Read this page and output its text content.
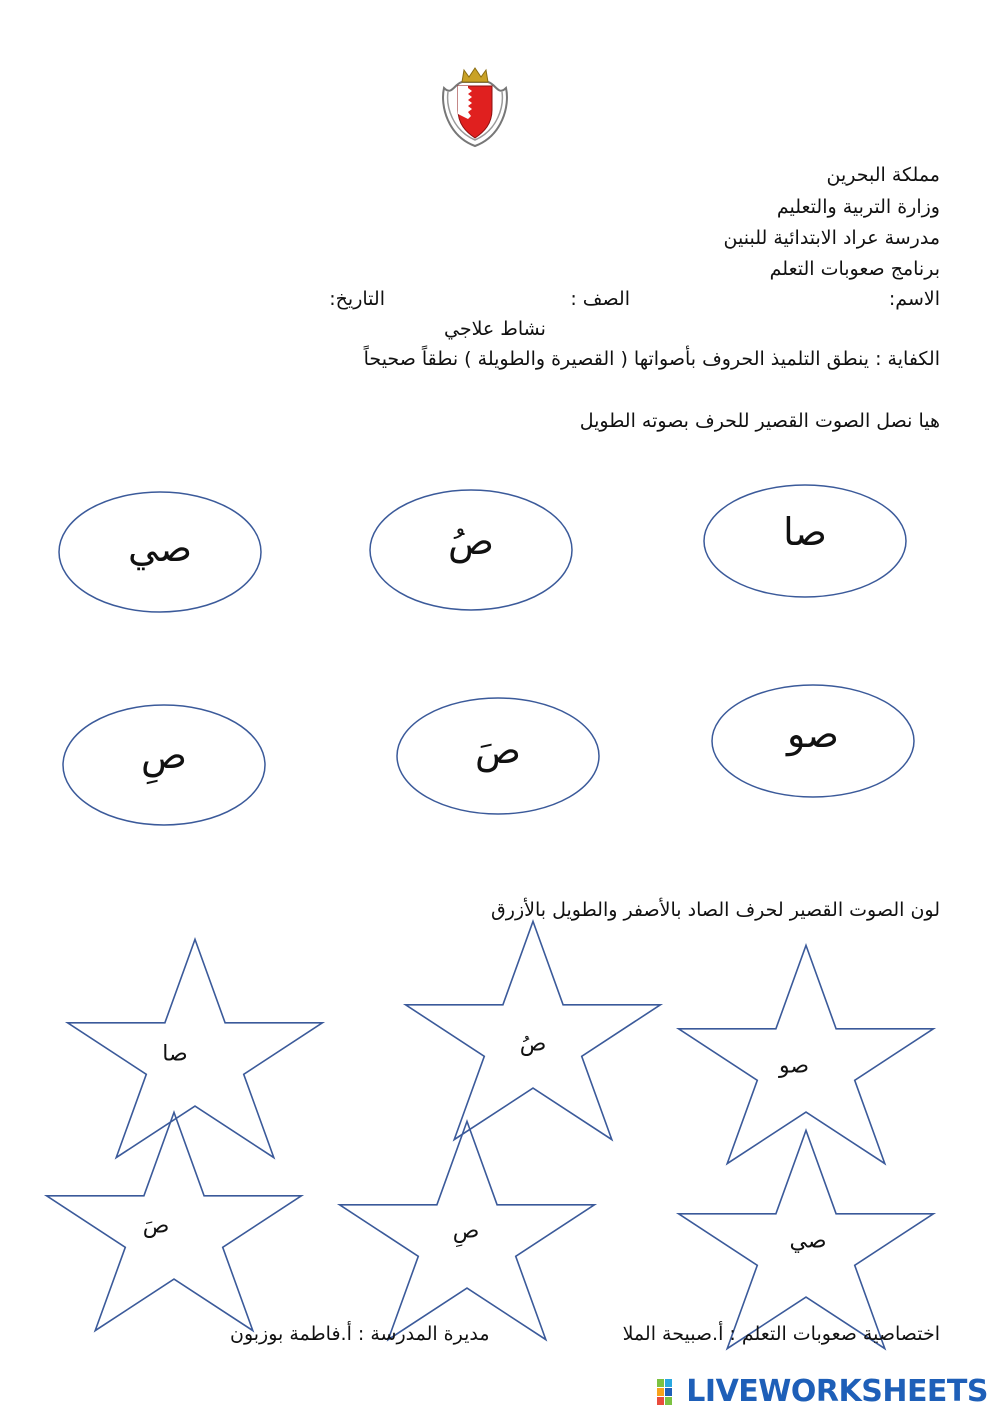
مملكة البحرين
وزارة التربية والتعليم
مدرسة عراد الابتدائية للبنين
برنامج صعوبات التعلم
الاسم:
الصف :
التاريخ:
نشاط علاجي
الكفاية : ينطق التلميذ الحروف بأصواتها ( القصيرة والطويلة ) نطقاً صحيحاً
هيا نصل الصوت القصير للحرف بصوته الطويل
صا
صُ
صي
صو
صَ
صِ
لون الصوت القصير لحرف الصاد بالأصفر والطويل بالأزرق
صو
صُ
صا
صي
صِ
صَ
اختصاصية صعوبات التعلم : أ.صبيحة الملا
مديرة المدرسة : أ.فاطمة بوزبون
LIVEWORKSHEETS
